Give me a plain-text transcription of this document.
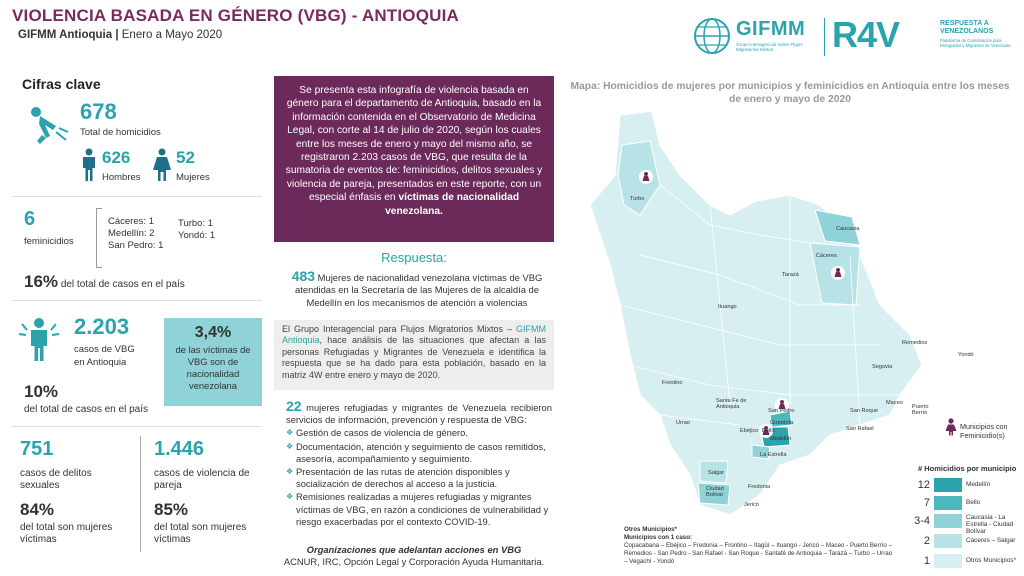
VIOLENCIA BASADA EN GÉNERO (VBG) - ANTIOQUIA
GIFMM Antioquia | Enero a Mayo 2020	GIFMM
Grupo Interagencial sobre Flujos Migratorios Mixtos	R4V	RESPUESTA A VENEZOLANOS
Plataforma de Coordinación para Refugiados y Migrantes de Venezuela
Cifras clave
678
Total de homicidios
626
Hombres
52
Mujeres
6
feminicidios
Cáceres: 1
Medellín: 2
San Pedro: 1
Turbo: 1
Yondó: 1
16% del total de casos en el país
2.203
casos de VBG
en Antioquia
3,4%
de las víctimas de VBG son de nacionalidad venezolana
10%
del total de casos en el país
751
casos de delitos sexuales
84%
del total son mujeres víctimas
1.446
casos de violencia de pareja
85%
del total son mujeres víctimas
Se presenta esta infografía de violencia basada en género para el departamento de Antioquia, basado en la información contenida en el Observatorio de Medicina Legal, con corte al 14 de julio de 2020, según los cuales entre los meses de enero y mayo del mismo año, se registraron 2.203 casos de VBG, que resulta de la sumatoria de eventos de: feminicidios, delitos sexuales y violencia de pareja, presentados en este reporte, con un especial énfasis en víctimas de nacionalidad venezolana.
Respuesta:
483 Mujeres de nacionalidad venezolana víctimas de VBG atendidas en la Secretaría de las Mujeres de la alcaldía de Medellín en los mecanismos de atención a violencias
El Grupo Interagencial para Flujos Migratorios Mixtos – GIFMM Antioquia, hace análisis de las situaciones que afectan a las personas Refugiadas y Migrantes de Venezuela e identifica la respuesta que se ha dado para esta población, basado en la matriz 4W entre enero y mayo de 2020.
22 mujeres refugiadas y migrantes de Venezuela recibieron servicios de información, prevención y respuesta de VBG:
❖ Gestión de casos de violencia de género.
❖ Documentación, atención y seguimiento de casos remitidos, asesoría, acompañamiento y seguimiento.
❖ Presentación de las rutas de atención disponibles y socialización de derechos al acceso a la justicia.
❖ Remisiones realizadas a mujeres refugiadas y migrantes víctimas de VBG, en razón a condiciones de vulnerabilidad y riesgo exacerbadas por el contexto COVID-19.
Organizaciones que adelantan acciones en VBG
ACNUR, IRC, Opción Legal y Corporación Ayuda Humanitaria.
Mapa: Homicidios de mujeres por municipios y feminicidios en Antioquia entre los meses de enero y mayo de 2020
Turbo
Caucasia
Cáceres
Tarazá
Ituango
Remedios
Yondó
Segovia
Frontino
Santa Fe de Antioquia
San Pedro
Girardota
Bello
Ebéjico
Medellín
La Estrella
San Roque
San Rafael
Maceo
Puerto Berrío
Urrao
Salgar
Fredonia
Ciudad Bolívar
Jericó
Municipios con Feminicidio(s)
# Homicidios por municipio
12	Medellín
7	Bello
3-4	Caucasia - La Estrella - Ciudad Bolívar
2	Cáceres – Salgar
1	Otros Municipios*
Otros Municipios*
Municipios con 1 caso:
Copacabana – Ebéjico – Fredonia – Frontino – Itagüí – Ituango - Jericó – Maceo - Puerto Berrío – Remedios - San Pedro - San Rafael - San Roque - Santafé de Antioquia – Tarazá – Turbo – Urrao – Vegachí - Yondó
